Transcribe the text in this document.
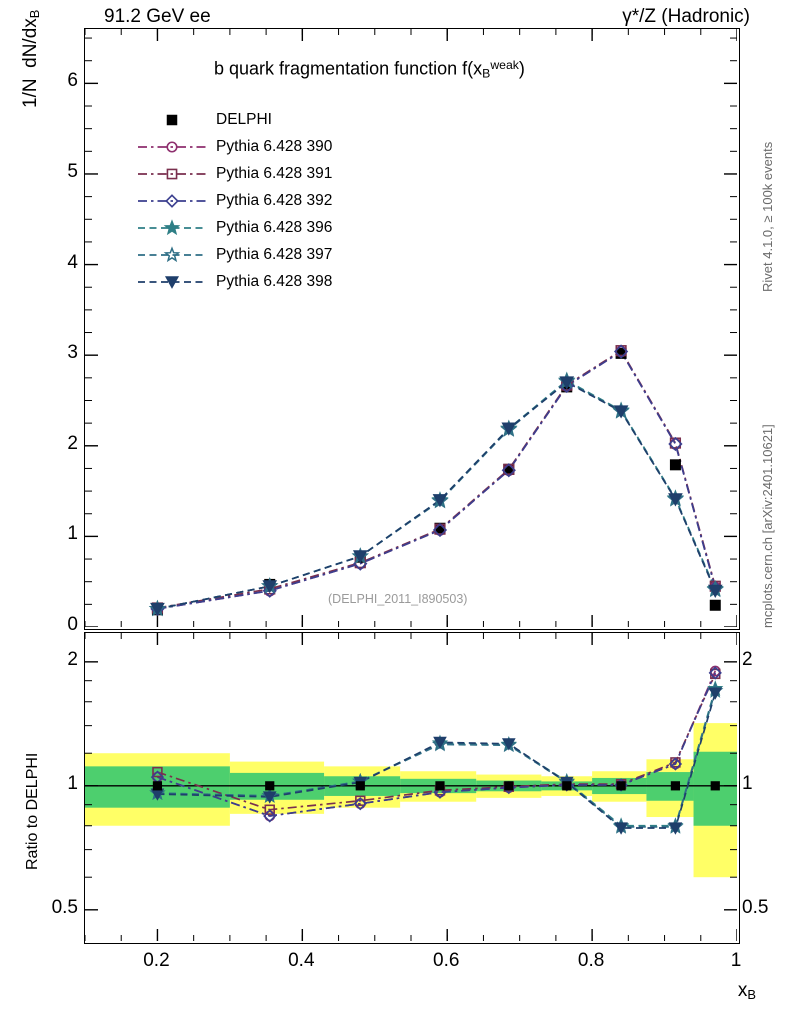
91.2 GeV ee	γ*/Z (Hadronic)
Rivet 4.1.0, ≥ 100k events
mcplots.cern.ch [arXiv:2401.10621]
1/N  $dN/dx_B$
Ratio to DELPHI
$x_B$
b quark fragmentation function $f(x_B^{weak})$
DELPHI
Pythia 6.428 390
Pythia 6.428 391
Pythia 6.428 392
Pythia 6.428 396
Pythia 6.428 397
Pythia 6.428 398
(DELPHI_2011_I890503)
0
1
2
3
4
5
6
0.5
1
2
0.5
1
2
0.2	0.4	0.6	0.8	1
